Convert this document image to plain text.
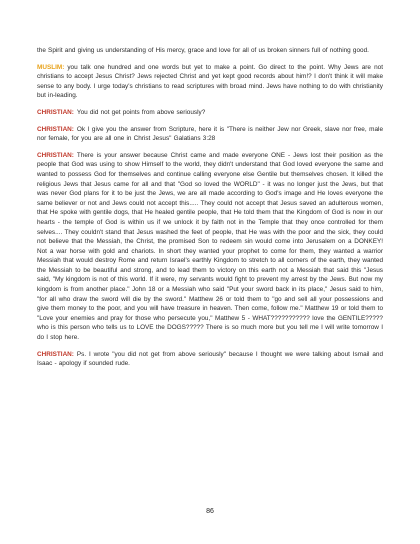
the Spirit and giving us understanding of His mercy, grace and love for all of us broken sinners full of nothing good.

MUSLIM: you talk one hundred and one words but yet to make a point. Go direct to the point. Why Jews are not christians to accept Jesus Christ? Jews rejected Christ and yet kept good records about him!? I don't think it will make sense to any body. I urge today's christians to read scriptures with broad mind. Jews have nothing to do with christianity but in-leading.

CHRISTIAN: You did not get points from above seriously?

CHRISTIAN: Ok I give you the answer from Scripture, here it is "There is neither Jew nor Greek, slave nor free, male nor female, for you are all one in Christ Jesus" Galatians 3:28

CHRISTIAN: There is your answer because Christ came and made everyone ONE - Jews lost their position as the people that God was using to show Himself to the world, they didn't understand that God loved everyone the same and wanted to possess God for themselves and continue calling everyone else Gentile but themselves chosen. It killed the religious Jews that Jesus came for all and that "God so loved the WORLD" - it was no longer just the Jews, but that was never God plans for it to be just the Jews, we are all made according to God's image and He loves everyone the same believer or not and Jews could not accept this..... They could not accept that Jesus saved an adulterous women, that He spoke with gentile dogs, that He healed gentile people, that He told them that the Kingdom of God is now in our hearts - the temple of God is within us if we unlock it by faith not in the Temple that they once controlled for them selves.... They couldn't stand that Jesus washed the feet of people, that He was with the poor and the sick, they could not believe that the Messiah, the Christ, the promised Son to redeem sin would come into Jerusalem on a DONKEY! Not a war horse with gold and chariots. In short they wanted your prophet to come for them, they wanted a warrior Messiah that would destroy Rome and return Israel's earthly Kingdom to stretch to all corners of the earth, they wanted the Messiah to be beautiful and strong, and to lead them to victory on this earth not a Messiah that said this "Jesus said, "My kingdom is not of this world. If it were, my servants would fight to prevent my arrest by the Jews. But now my kingdom is from another place." John 18 or a Messiah who said "Put your sword back in its place," Jesus said to him, "for all who draw the sword will die by the sword." Matthew 26 or told them to "go and sell all your possessions and give them money to the poor, and you will have treasure in heaven. Then come, follow me." Matthew 19 or told them to "Love your enemies and pray for those who persecute you," Matthew 5 - WHAT??????????? love the GENTILE????? who is this person who tells us to LOVE the DOGS????? There is so much more but you tell me I will write tomorrow I do I stop here.

CHRISTIAN: Ps. I wrote "you did not get from above seriously" because I thought we were talking about Ismail and Isaac - apology if sounded rude.

86
